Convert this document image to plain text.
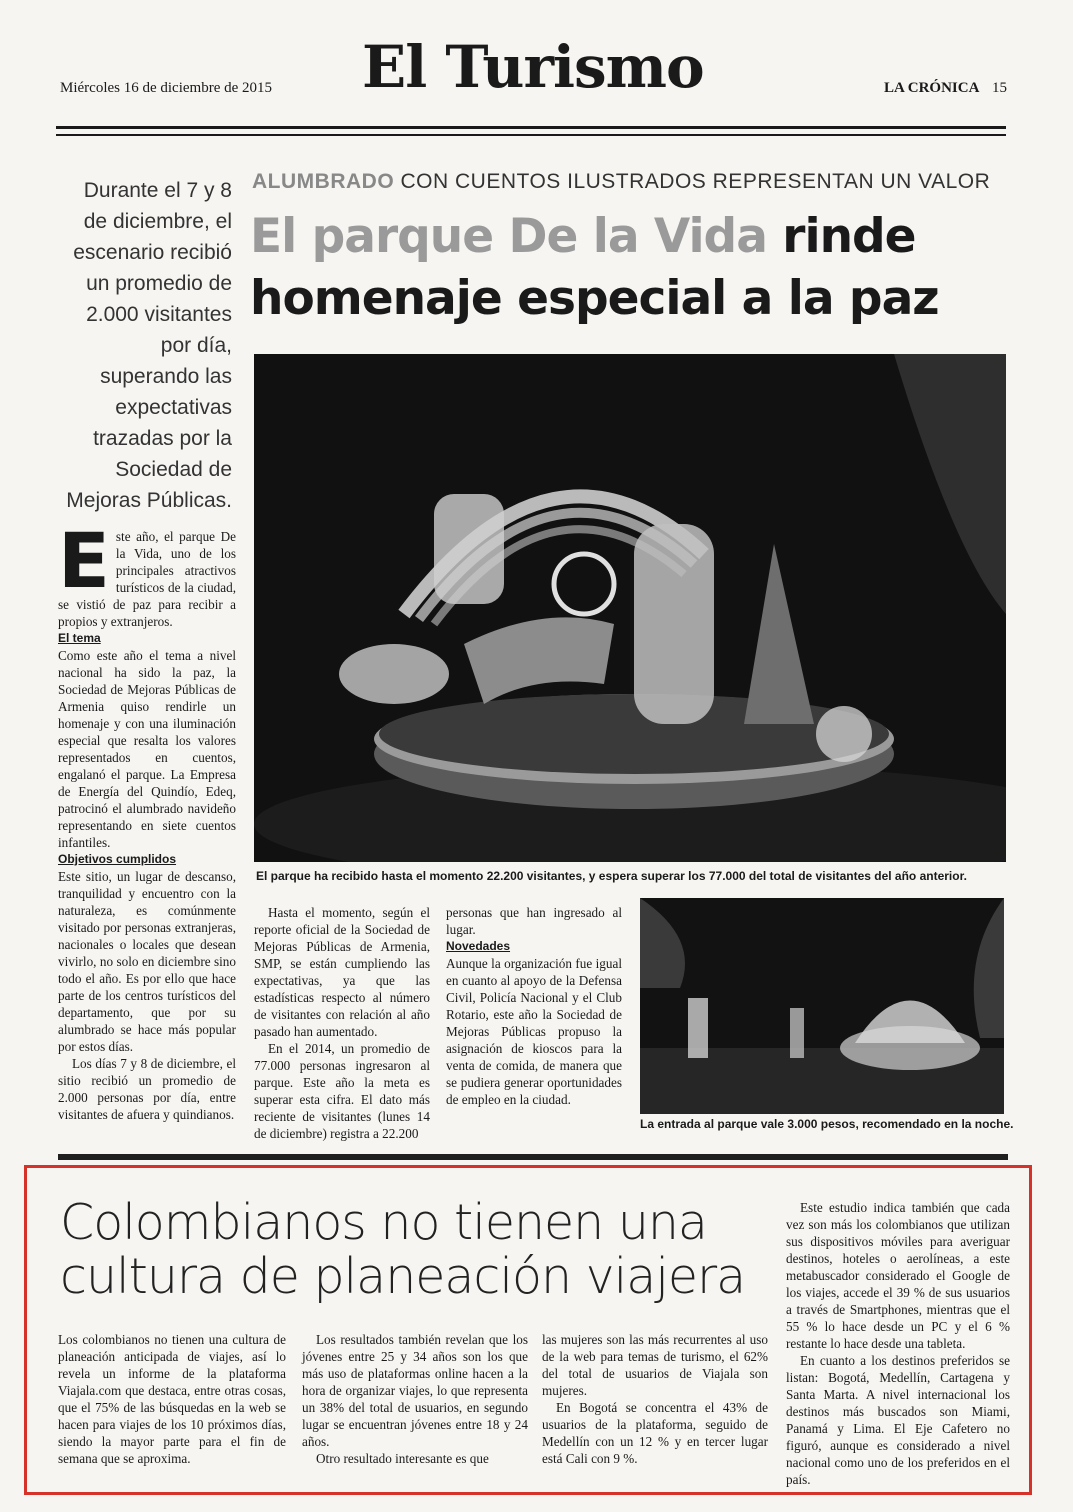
Miércoles 16 de diciembre de 2015 El Turismo	LA CRÓNICA 15
Durante el 7 y 8 de diciembre, el escenario recibió un promedio de 2.000 visitantes por día, superando las expectativas trazadas por la Sociedad de Mejoras Públicas.
ALUMBRADO CON CUENTOS ILUSTRADOS REPRESENTAN UN VALOR
El parque De la Vida rinde
homenaje especial a la paz
El parque ha recibido hasta el momento 22.200 visitantes, y espera superar los 77.000 del total de visitantes del año anterior.

Este año, el parque De la Vida, uno de los principales atractivos turísticos de la ciudad, se vistió de paz para recibir a propios y extranjeros.

El tema

Como este año el tema a nivel nacional ha sido la paz, la Sociedad de Mejoras Públicas de Armenia quiso rendirle un homenaje y con una iluminación especial que resalta los valores representados en cuentos, engalanó el parque. La Empresa de Energía del Quindío, Edeq, patrocinó el alumbrado navideño representando en siete cuentos infantiles.

Objetivos cumplidos

Este sitio, un lugar de descanso, tranquilidad y encuentro con la naturaleza, es comúnmente visitado por personas extranjeras, nacionales o locales que desean vivirlo, no solo en diciembre sino todo el año. Es por ello que hace parte de los centros turísticos del departamento, que por su alumbrado se hace más popular por estos días.

Los días 7 y 8 de diciembre, el sitio recibió un promedio de 2.000 personas por día, entre visitantes de afuera y quindianos.

Hasta el momento, según el reporte oficial de la Sociedad de Mejoras Públicas de Armenia, SMP, se están cumpliendo las expectativas, ya que las estadísticas respecto al número de visitantes con relación al año pasado han aumentado.

En el 2014, un promedio de 77.000 personas ingresaron al parque. Este año la meta es superar esta cifra. El dato más reciente de visitantes (lunes 14 de diciembre) registra a 22.200

personas que han ingresado al lugar.

Novedades

Aunque la organización fue igual en cuanto al apoyo de la Defensa Civil, Policía Nacional y el Club Rotario, este año la Sociedad de Mejoras Públicas propuso la asignación de kioscos para la venta de comida, de manera que se pudiera generar oportunidades de empleo en la ciudad.

La entrada al parque vale 3.000 pesos, recomendado en la noche.
Colombianos no tienen una cultura de planeación viajera

Los colombianos no tienen una cultura de planeación anticipada de viajes, así lo revela un informe de la plataforma Viajala.com que destaca, entre otras cosas, que el 75% de las búsquedas en la web se hacen para viajes de los 10 próximos días, siendo la mayor parte para el fin de semana que se aproxima.

Los resultados también revelan que los jóvenes entre 25 y 34 años son los que más uso de plataformas online hacen a la hora de organizar viajes, lo que representa un 38% del total de usuarios, en segundo lugar se encuentran jóvenes entre 18 y 24 años.

Otro resultado interesante es que

las mujeres son las más recurrentes al uso de la web para temas de turismo, el 62% del total de usuarios de Viajala son mujeres.

En Bogotá se concentra el 43% de usuarios de la plataforma, seguido de Medellín con un 12 % y en tercer lugar está Cali con 9 %.

Este estudio indica también que cada vez son más los colombianos que utilizan sus dispositivos móviles para averiguar destinos, hoteles o aerolíneas, a este metabuscador considerado el Google de los viajes, accede el 39 % de sus usuarios a través de Smartphones, mientras que el 55 % lo hace desde un PC y el 6 % restante lo hace desde una tableta.

En cuanto a los destinos preferidos se listan: Bogotá, Medellín, Cartagena y Santa Marta. A nivel internacional los destinos más buscados son Miami, Panamá y Lima. El Eje Cafetero no figuró, aunque es considerado a nivel nacional como uno de los preferidos en el país.
